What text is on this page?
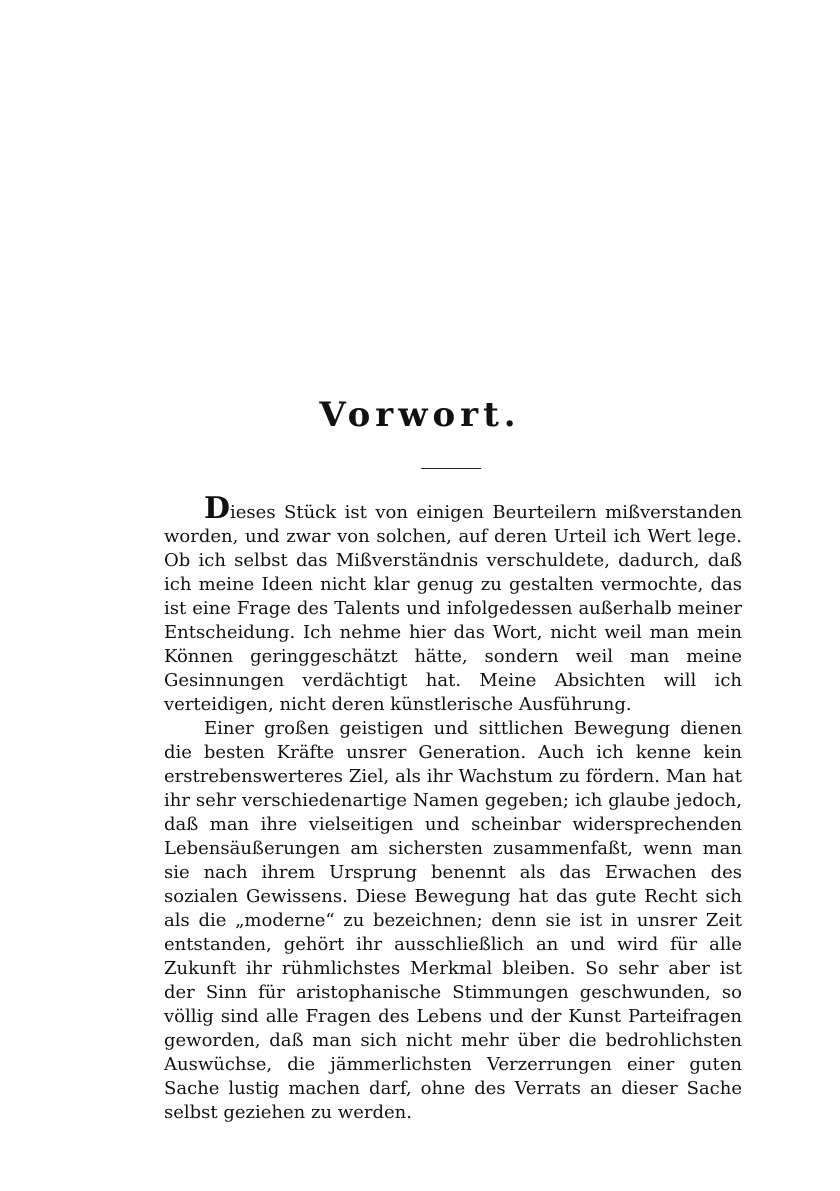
Vorwort.

Dieses Stück ist von einigen Beurteilern mißverstanden worden, und zwar von solchen, auf deren Urteil ich Wert lege. Ob ich selbst das Mißverständnis verschuldete, dadurch, daß ich meine Ideen nicht klar genug zu gestalten vermochte, das ist eine Frage des Talents und infolgedessen außerhalb meiner Entscheidung. Ich nehme hier das Wort, nicht weil man mein Können geringgeschätzt hätte, sondern weil man meine Gesinnungen verdächtigt hat. Meine Absichten will ich verteidigen, nicht deren künstlerische Ausführung.

Einer großen geistigen und sittlichen Bewegung dienen die besten Kräfte unsrer Generation. Auch ich kenne kein erstrebenswerteres Ziel, als ihr Wachstum zu fördern. Man hat ihr sehr verschiedenartige Namen gegeben; ich glaube jedoch, daß man ihre vielseitigen und scheinbar widersprechenden Lebensäußerungen am sichersten zusammenfaßt, wenn man sie nach ihrem Ursprung benennt als das Erwachen des sozialen Gewissens. Diese Bewegung hat das gute Recht sich als die „moderne“ zu bezeichnen; denn sie ist in unsrer Zeit entstanden, gehört ihr ausschließlich an und wird für alle Zukunft ihr rühmlichstes Merkmal bleiben. So sehr aber ist der Sinn für aristophanische Stimmungen geschwunden, so völlig sind alle Fragen des Lebens und der Kunst Parteifragen geworden, daß man sich nicht mehr über die bedrohlichsten Auswüchse, die jämmerlichsten Verzerrungen einer guten Sache lustig machen darf, ohne des Verrats an dieser Sache selbst geziehen zu werden.
